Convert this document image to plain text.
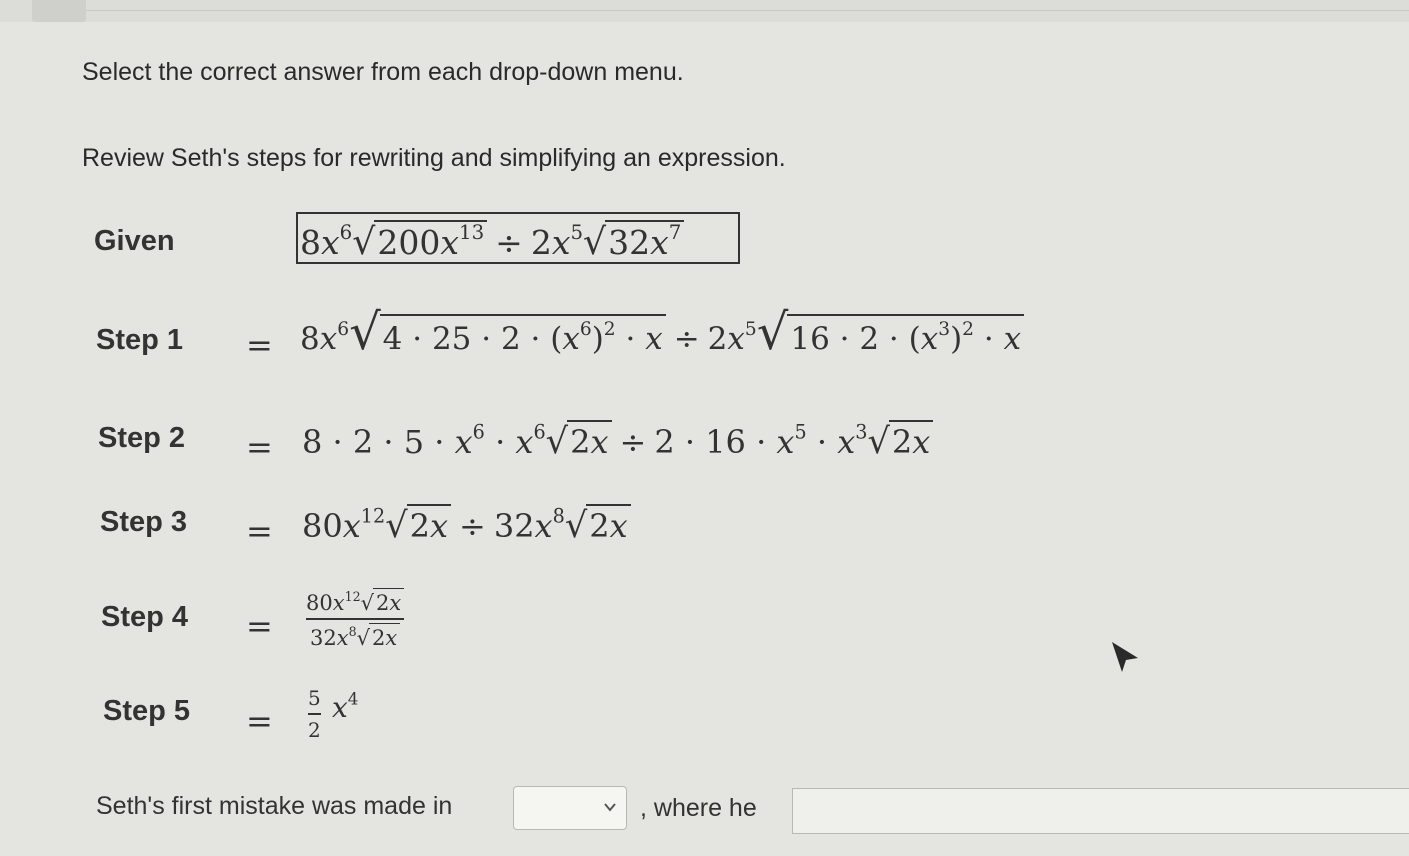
Select the correct answer from each drop-down menu.
Review Seth's steps for rewriting and simplifying an expression.
Given	$8x^6√200x^{13} \div 2x^5√32x^7$
Step $1 = 8x^6√4 \cdot 25 \cdot 2 \cdot (x^6)^2 \cdot x \div 2x^5√16 \cdot 2 \cdot (x^3)^2 \cdot x$
Step $2 = 8 \cdot 2 \cdot 5 \cdot x^6 \cdot x^6√2x \div 2 \cdot 16 \cdot x^5 \cdot x^3√2x$
Step $3 = 80x^{12}√2x \div 32x^8√2x$
Step 4 =
$80x^{12}√2x$
$32x^8√2x$
Step 5 =
5
2
$x^4$
Seth's first mistake was made in	, where he
